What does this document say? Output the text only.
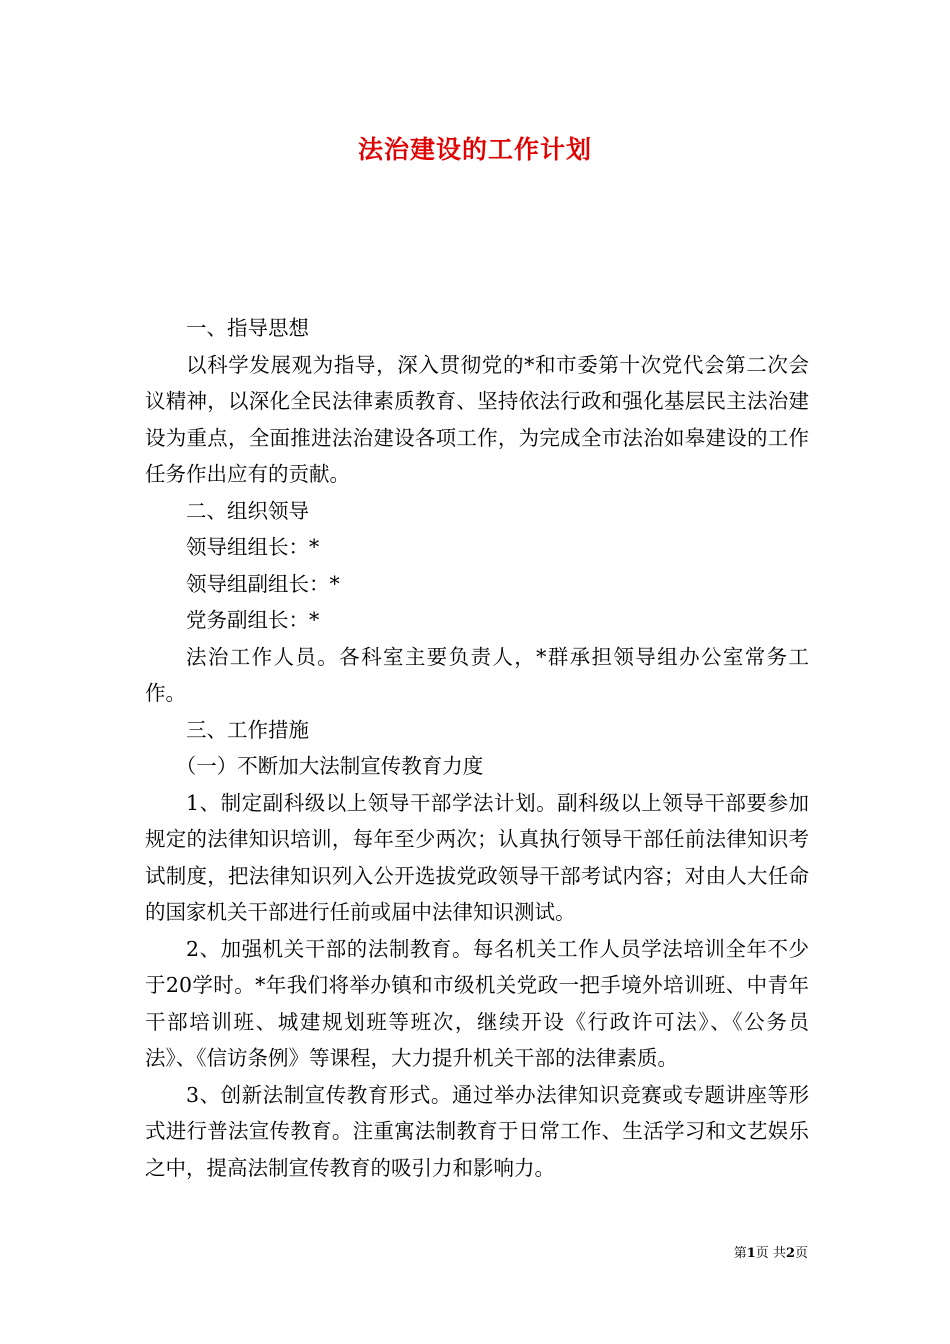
法治建设的工作计划

一、指导思想

以科学发展观为指导，深入贯彻党的*和市委第十次党代会第二次会议精神，以深化全民法律素质教育、坚持依法行政和强化基层民主法治建设为重点，全面推进法治建设各项工作，为完成全市法治如皋建设的工作任务作出应有的贡献。

二、组织领导

领导组组长：*

领导组副组长：*

党务副组长：*

法治工作人员。各科室主要负责人，*群承担领导组办公室常务工作。

三、工作措施

（一）不断加大法制宣传教育力度

1、制定副科级以上领导干部学法计划。副科级以上领导干部要参加规定的法律知识培训，每年至少两次；认真执行领导干部任前法律知识考试制度，把法律知识列入公开选拔党政领导干部考试内容；对由人大任命的国家机关干部进行任前或届中法律知识测试。

2、加强机关干部的法制教育。每名机关工作人员学法培训全年不少于20学时。*年我们将举办镇和市级机关党政一把手境外培训班、中青年干部培训班、城建规划班等班次，继续开设《行政许可法》、《公务员法》、《信访条例》等课程，大力提升机关干部的法律素质。

3、创新法制宣传教育形式。通过举办法律知识竞赛或专题讲座等形式进行普法宣传教育。注重寓法制教育于日常工作、生活学习和文艺娱乐之中，提高法制宣传教育的吸引力和影响力。

第1页 共2页
